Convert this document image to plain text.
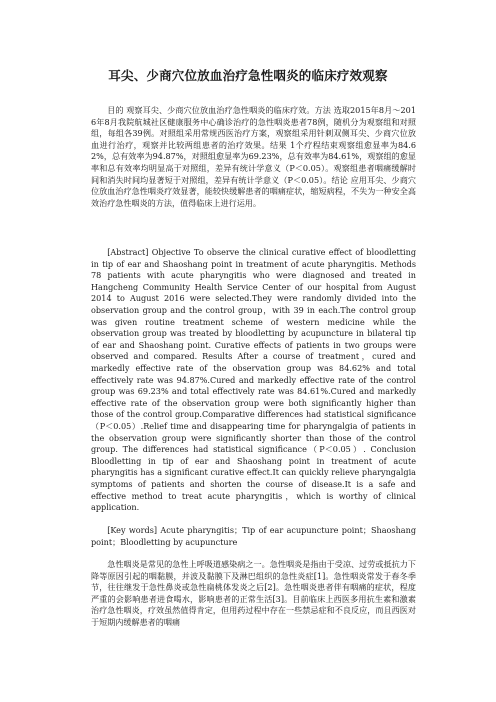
耳尖、少商穴位放血治疗急性咽炎的临床疗效观察

目的 观察耳尖、少商穴位放血治疗急性咽炎的临床疗效。方法 选取2015年8月～2016年8月我院航城社区健康服务中心确诊治疗的急性咽炎患者78例，随机分为观察组和对照组，每组各39例。对照组采用常规西医治疗方案，观察组采用针刺双侧耳尖、少商穴位放血进行治疗，观察并比较两组患者的治疗效果。结果 1个疗程结束观察组愈显率为84.62%，总有效率为94.87%，对照组愈显率为69.23%，总有效率为84.61%，观察组的愈显率和总有效率均明显高于对照组，差异有统计学意义（P＜0.05）。观察组患者咽痛缓解时间和消失时间均显著短于对照组，差异有统计学意义（P＜0.05）。结论 应用耳尖、少商穴位放血治疗急性咽炎疗效显著，能较快缓解患者的咽痛症状，缩短病程，不失为一种安全高效治疗急性咽炎的方法，值得临床上进行运用。

[Abstract] Objective To observe the clinical curative effect of bloodletting in tip of ear and Shaoshang point in treatment of acute pharyngitis. Methods 78 patients with acute pharyngitis who were diagnosed and treated in Hangcheng Community Health Service Center of our hospital from August 2014 to August 2016 were selected.They were randomly divided into the observation group and the control group，with 39 in each.The control group was given routine treatment scheme of western medicine while the observation group was treated by bloodletting by acupuncture in bilateral tip of ear and Shaoshang point. Curative effects of patients in two groups were observed and compared. Results After a course of treatment，cured and markedly effective rate of the observation group was 84.62% and total effectively rate was 94.87%.Cured and markedly effective rate of the control group was 69.23% and total effectively rate was 84.61%.Cured and markedly effective rate of the observation group were both significantly higher than those of the control group.Comparative differences had statistical significance（P＜0.05）.Relief time and disappearing time for pharyngalgia of patients in the observation group were significantly shorter than those of the control group. The differences had statistical significance（P＜0.05）. Conclusion Bloodletting in tip of ear and Shaoshang point in treatment of acute pharyngitis has a significant curative effect.It can quickly relieve pharyngalgia symptoms of patients and shorten the course of disease.It is a safe and effective method to treat acute pharyngitis，which is worthy of clinical application.

[Key words] Acute pharyngitis；Tip of ear acupuncture point；Shaoshang point；Bloodletting by acupuncture

急性咽炎是常见的急性上呼吸道感染病之一。急性咽炎是指由于受凉、过劳或抵抗力下降等原因引起的咽黏膜，并波及黏膜下及淋巴组织的急性炎症[1]。急性咽炎常发于春冬季节，往往继发于急性鼻炎或急性扁桃体发炎之后[2]。急性咽炎患者伴有咽痛的症状，程度严重的会影响患者进食喝水，影响患者的正常生活[3]。目前临床上西医多用抗生素和激素治疗急性咽炎，疗效虽然值得肯定，但用药过程中存在一些禁忌症和不良反应，而且西医对于短期内缓解患者的咽痛
